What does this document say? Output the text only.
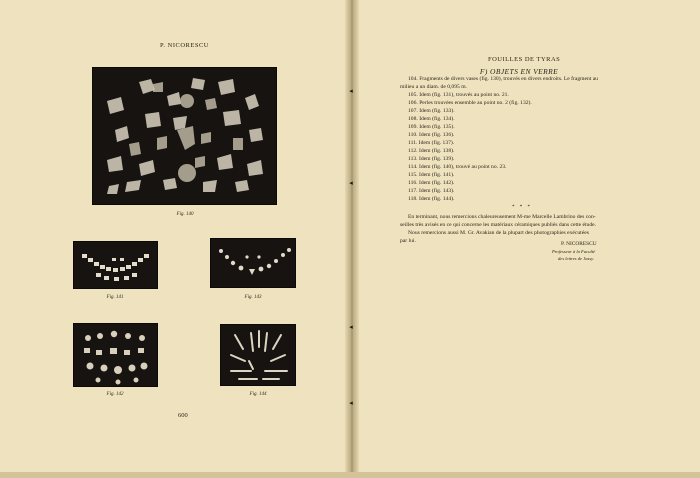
P. NICORESCU
Fig. 140
Fig. 141	Fig. 143
Fig. 142	Fig. 144
600
FOUILLES DE TYRAS
F) OBJETS EN VERRE
104. Fragments de divers vases (fig. 130), trouvés en divers endroits. Le fragment au
milieu a un diam. de 0,095 m.
105. Idem (fig. 131), trouvés au point no. 21.
106. Perles trouvées ensemble au point no. 2 (fig. 132).
107. Idem (fig. 133).
108. Idem (fig. 134).
109. Idem (fig. 135).
110. Idem (fig. 136).
111. Idem (fig. 137).
112. Idem (fig. 138).
113. Idem (fig. 139).
114. Idem (fig. 140), trouvé au point no. 23.
115. Idem (fig. 141).
116. Idem (fig. 142).
117. Idem (fig. 143).
118. Idem (fig. 144).
* * *
En terminant, nous remercions chaleureusement M-me Marcelle Lambrino des con-
seilles très avisés en ce qui concerne les matériaux céramiques publiés dans cette étude.
Nous remercions aussi M. Gr. Avakian de la plupart des photographies exécutées
par lui.	P. NICORESCU
Professeur à la Faculté
des lettres de Jassy.
◂
◂
◂
◂
